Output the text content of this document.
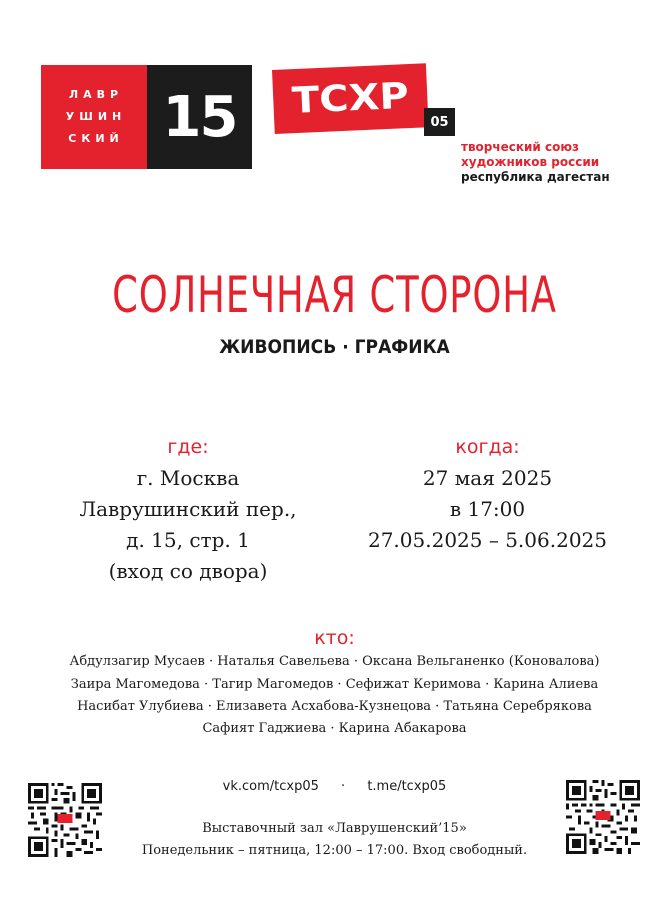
ЛАВР
УШИН
СКИЙ 15	ТСХР
05
творческий союз
художников россии
республика дагестан
СОЛНЕЧНАЯ СТОРОНА
ЖИВОПИСЬ · ГРАФИКА
где:
г. Москва
Лаврушинский пер.,
д. 15, стр. 1
(вход со двора)
когда:
27 мая 2025
в 17:00
27.05.2025 – 5.06.2025
кто:
Абдулзагир Мусаев · Наталья Савельева · Оксана Вельганенко (Коновалова)
Заира Магомедова · Тагир Магомедов · Сефижат Керимова · Карина Алиева
Насибат Улубиева · Елизавета Асхабова-Кузнецова · Татьяна Серебрякова
Сафият Гаджиева · Карина Абакарова
vk.com/tcxp05 · t.me/tcxp05
Выставочный зал «Лаврушенский’15»
Понедельник – пятница, 12:00 – 17:00. Вход свободный.
